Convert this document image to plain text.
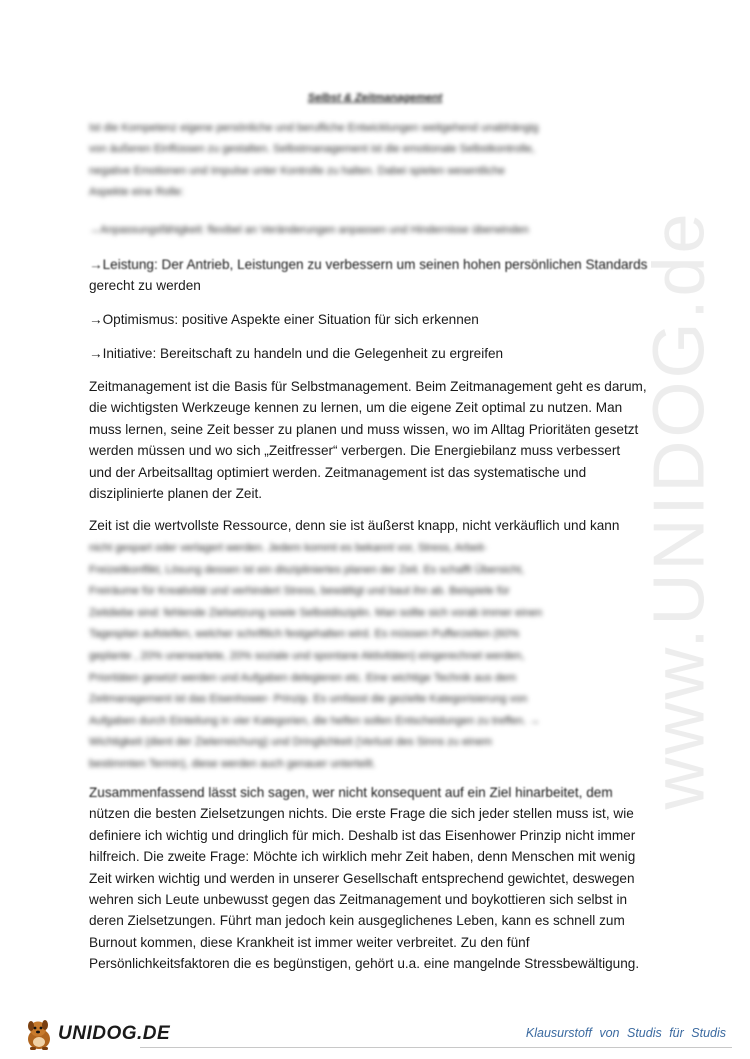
www.UNIDOG.de
Selbst & Zeitmanagement
Ist die Kompetenz eigene persönliche und berufliche Entwicklungen weitgehend unabhängig
von äußeren Einflüssen zu gestalten. Selbstmanagement ist die emotionale Selbstkontrolle,
negative Emotionen und Impulse unter Kontrolle zu halten. Dabei spielen wesentliche
Aspekte eine Rolle:
→Anpassungsfähigkeit: flexibel an Veränderungen anpassen und Hindernisse überwinden
→Leistung: Der Antrieb, Leistungen zu verbessern um seinen hohen persönlichen Standards
gerecht zu werden
→Optimismus: positive Aspekte einer Situation für sich erkennen
→Initiative: Bereitschaft zu handeln und die Gelegenheit zu ergreifen
Zeitmanagement ist die Basis für Selbstmanagement. Beim Zeitmanagement geht es darum,
die wichtigsten Werkzeuge kennen zu lernen, um die eigene Zeit optimal zu nutzen. Man
muss lernen, seine Zeit besser zu planen und muss wissen, wo im Alltag Prioritäten gesetzt
werden müssen und wo sich „Zeitfresser“ verbergen. Die Energiebilanz muss verbessert
und der Arbeitsalltag optimiert werden. Zeitmanagement ist das systematische und
disziplinierte planen der Zeit.
Zeit ist die wertvollste Ressource, denn sie ist äußerst knapp, nicht verkäuflich und kann
nicht gespart oder verlagert werden. Jedem kommt es bekannt vor, Stress, Arbeit-
Freizeitkonflikt, Lösung dessen ist ein diszipliniertes planen der Zeit. Es schafft Übersicht,
Freiräume für Kreativität und verhindert Stress, bewältigt und baut ihn ab. Beispiele für
Zeitdiebe sind: fehlende Zielsetzung sowie Selbstdisziplin. Man sollte sich vorab immer einen
Tagesplan aufstellen, welcher schriftlich festgehalten wird. Es müssen Pufferzeiten (60%
geplante , 20% unerwartete, 20% soziale und spontane Aktivitäten) eingerechnet werden,
Prioritäten gesetzt werden und Aufgaben delegieren etc. Eine wichtige Technik aus dem
Zeitmanagement ist das Eisenhower- Prinzip. Es umfasst die gezielte Kategorisierung von
Aufgaben durch Einteilung in vier Kategorien, die helfen sollen Entscheidungen zu treffen. →
Wichtigkeit (dient der Zielerreichung) und Dringlichkeit (Verlust des Sinns zu einem
bestimmten Termin), diese werden auch genauer unterteilt.
Zusammenfassend lässt sich sagen, wer nicht konsequent auf ein Ziel hinarbeitet, dem
nützen die besten Zielsetzungen nichts. Die erste Frage die sich jeder stellen muss ist, wie
definiere ich wichtig und dringlich für mich. Deshalb ist das Eisenhower Prinzip nicht immer
hilfreich. Die zweite Frage: Möchte ich wirklich mehr Zeit haben, denn Menschen mit wenig
Zeit wirken wichtig und werden in unserer Gesellschaft entsprechend gewichtet, deswegen
wehren sich Leute unbewusst gegen das Zeitmanagement und boykottieren sich selbst in
deren Zielsetzungen. Führt man jedoch kein ausgeglichenes Leben, kann es schnell zum
Burnout kommen, diese Krankheit ist immer weiter verbreitet. Zu den fünf
Persönlichkeitsfaktoren die es begünstigen, gehört u.a. eine mangelnde Stressbewältigung.
UNIDOG.DE	Klausurstoff von Studis für Studis
